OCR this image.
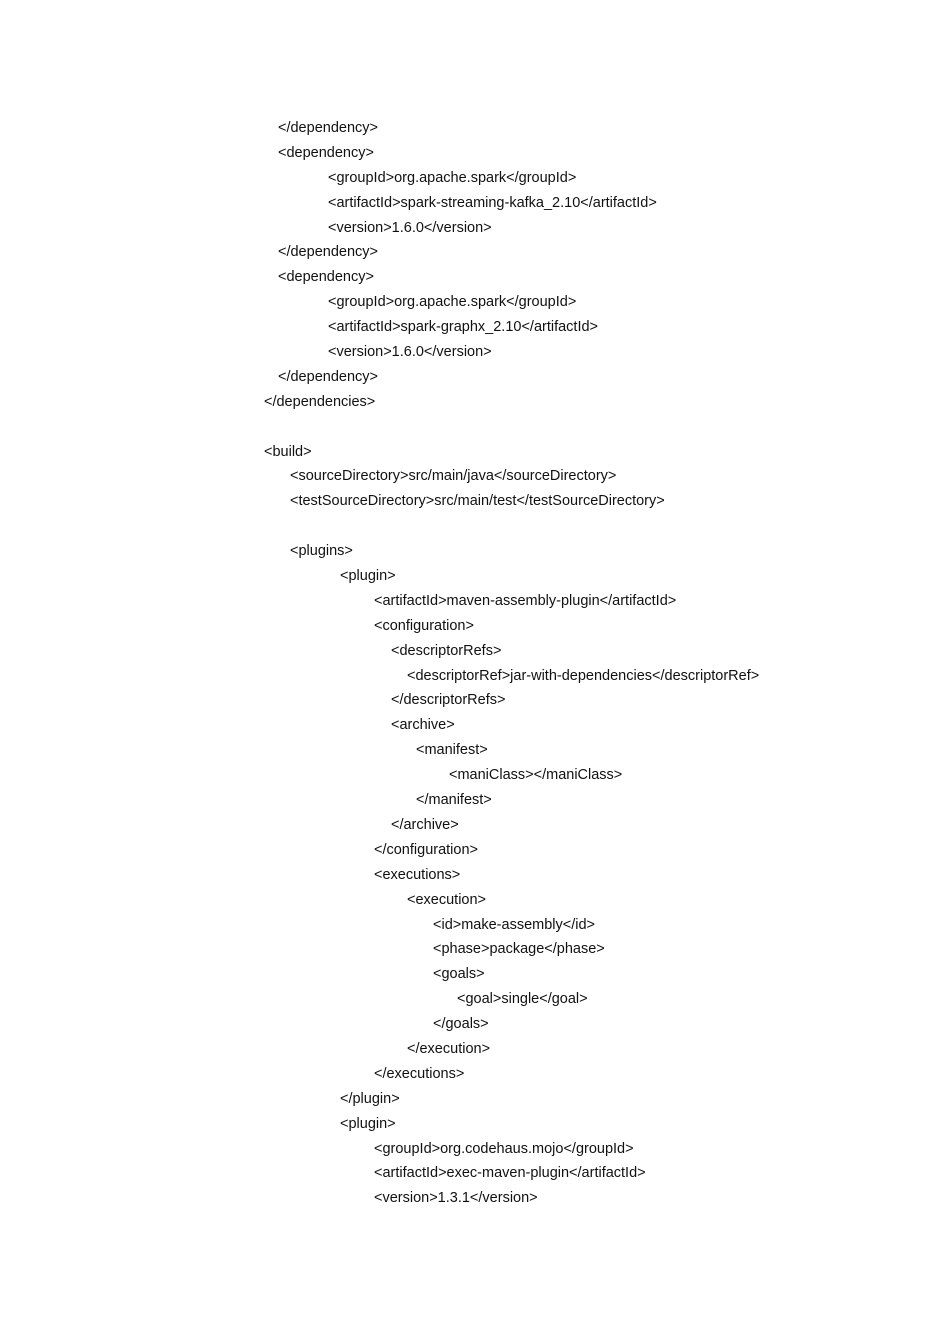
</dependency>
<dependency>
<groupId>org.apache.spark</groupId>
<artifactId>spark-streaming-kafka_2.10</artifactId>
<version>1.6.0</version>
</dependency>
<dependency>
<groupId>org.apache.spark</groupId>
<artifactId>spark-graphx_2.10</artifactId>
<version>1.6.0</version>
</dependency>
</dependencies>
<build>
<sourceDirectory>src/main/java</sourceDirectory>
<testSourceDirectory>src/main/test</testSourceDirectory>
<plugins>
<plugin>
<artifactId>maven-assembly-plugin</artifactId>
<configuration>
<descriptorRefs>
<descriptorRef>jar-with-dependencies</descriptorRef>
</descriptorRefs>
<archive>
<manifest>
<maniClass></maniClass>
</manifest>
</archive>
</configuration>
<executions>
<execution>
<id>make-assembly</id>
<phase>package</phase>
<goals>
<goal>single</goal>
</goals>
</execution>
</executions>
</plugin>
<plugin>
<groupId>org.codehaus.mojo</groupId>
<artifactId>exec-maven-plugin</artifactId>
<version>1.3.1</version>
